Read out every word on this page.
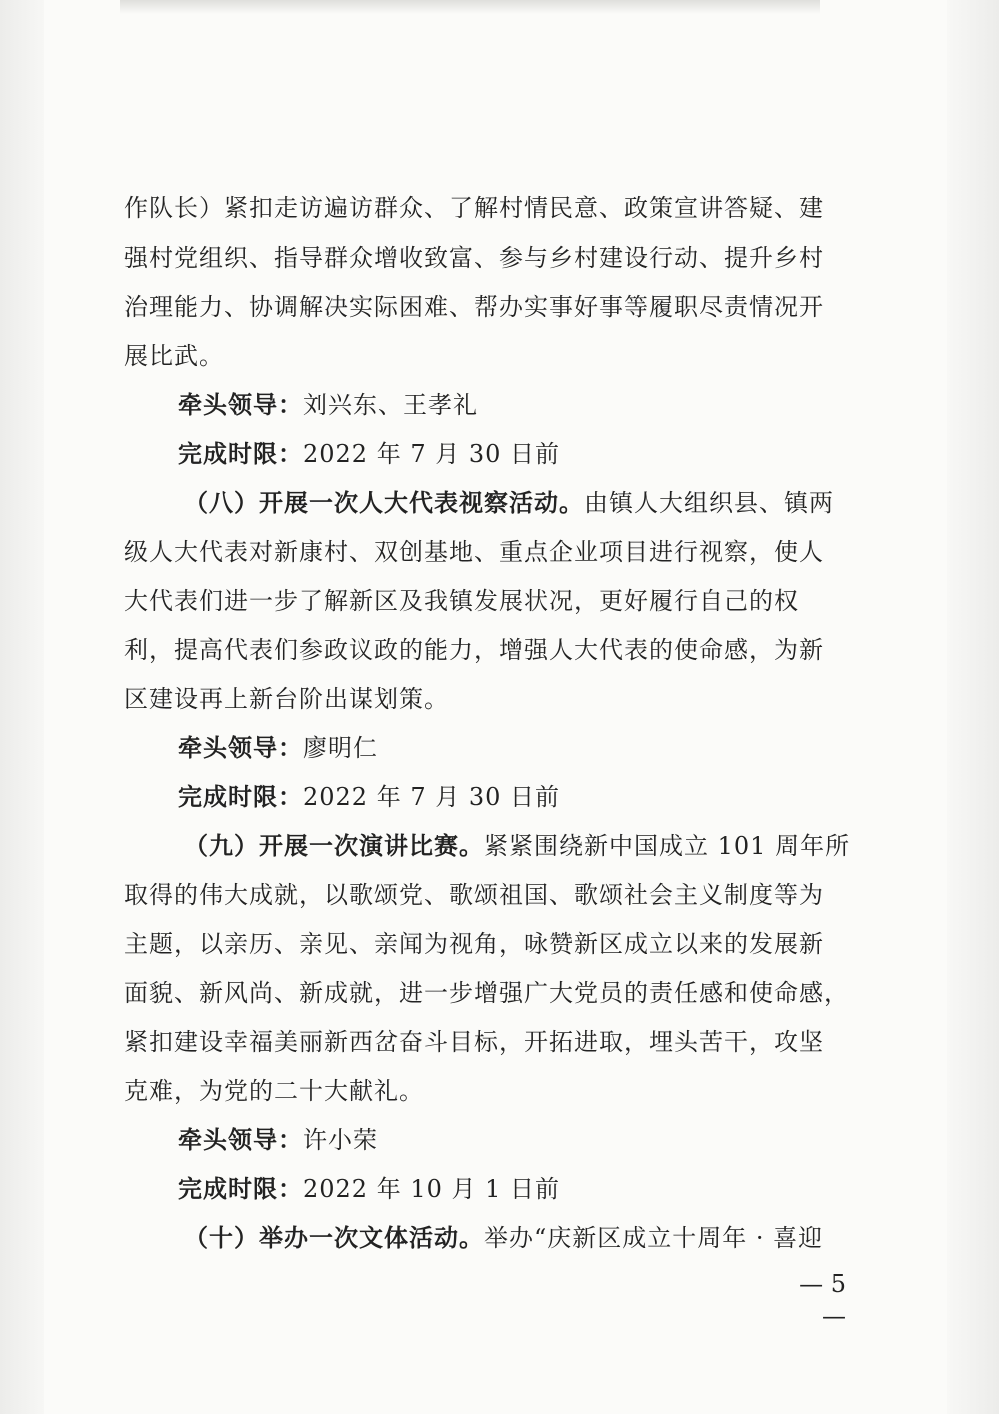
作队长）紧扣走访遍访群众、了解村情民意、政策宣讲答疑、建
强村党组织、指导群众增收致富、参与乡村建设行动、提升乡村
治理能力、协调解决实际困难、帮办实事好事等履职尽责情况开
展比武。
牵头领导：刘兴东、王孝礼
完成时限：2022 年 7 月 30 日前
（八）开展一次人大代表视察活动。由镇人大组织县、镇两
级人大代表对新康村、双创基地、重点企业项目进行视察，使人
大代表们进一步了解新区及我镇发展状况，更好履行自己的权
利，提高代表们参政议政的能力，增强人大代表的使命感，为新
区建设再上新台阶出谋划策。
牵头领导：廖明仁
完成时限：2022 年 7 月 30 日前
（九）开展一次演讲比赛。紧紧围绕新中国成立 101 周年所
取得的伟大成就，以歌颂党、歌颂祖国、歌颂社会主义制度等为
主题，以亲历、亲见、亲闻为视角，咏赞新区成立以来的发展新
面貌、新风尚、新成就，进一步增强广大党员的责任感和使命感，
紧扣建设幸福美丽新西岔奋斗目标，开拓进取，埋头苦干，攻坚
克难，为党的二十大献礼。
牵头领导：许小荣
完成时限：2022 年 10 月 1 日前
（十）举办一次文体活动。举办“庆新区成立十周年 · 喜迎
— 5 —
